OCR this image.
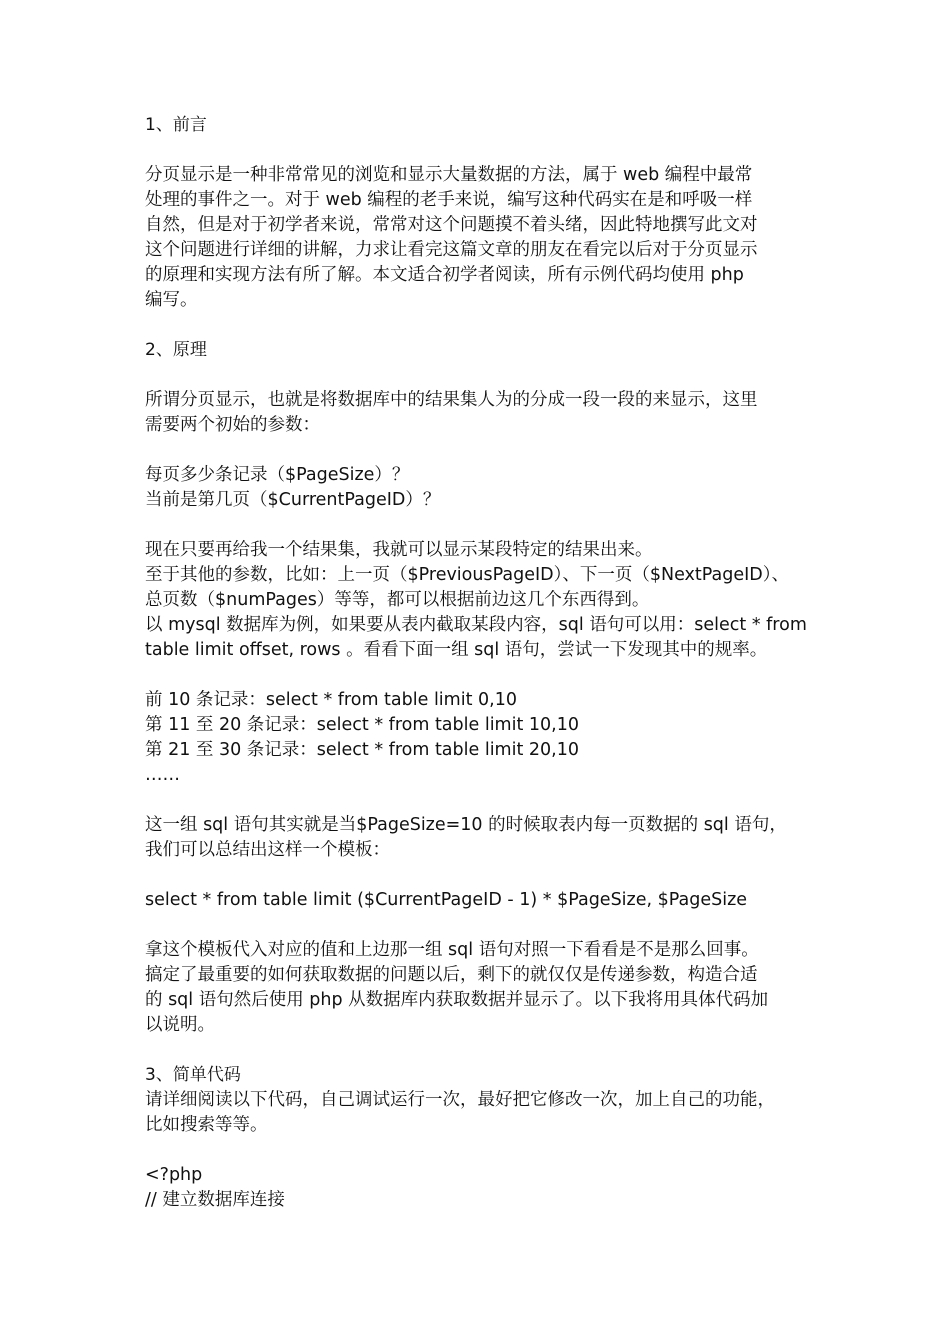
1、前言
分页显示是一种非常常见的浏览和显示大量数据的方法，属于 web 编程中最常
处理的事件之一。对于 web 编程的老手来说，编写这种代码实在是和呼吸一样
自然，但是对于初学者来说，常常对这个问题摸不着头绪，因此特地撰写此文对
这个问题进行详细的讲解，力求让看完这篇文章的朋友在看完以后对于分页显示
的原理和实现方法有所了解。本文适合初学者阅读，所有示例代码均使用 php
编写。
2、原理
所谓分页显示，也就是将数据库中的结果集人为的分成一段一段的来显示，这里
需要两个初始的参数：
每页多少条记录（$PageSize）？
当前是第几页（$CurrentPageID）？
现在只要再给我一个结果集，我就可以显示某段特定的结果出来。
至于其他的参数，比如：上一页（$PreviousPageID）、下一页（$NextPageID）、
总页数（$numPages）等等，都可以根据前边这几个东西得到。
以 mysql 数据库为例，如果要从表内截取某段内容，sql 语句可以用：select * from
table limit offset, rows 。看看下面一组 sql 语句，尝试一下发现其中的规率。
前 10 条记录：select * from table limit 0,10
第 11 至 20 条记录：select * from table limit 10,10
第 21 至 30 条记录：select * from table limit 20,10
……
这一组 sql 语句其实就是当$PageSize=10 的时候取表内每一页数据的 sql 语句，
我们可以总结出这样一个模板：
select * from table limit ($CurrentPageID - 1) * $PageSize, $PageSize
拿这个模板代入对应的值和上边那一组 sql 语句对照一下看看是不是那么回事。
搞定了最重要的如何获取数据的问题以后，剩下的就仅仅是传递参数，构造合适
的 sql 语句然后使用 php 从数据库内获取数据并显示了。以下我将用具体代码加
以说明。
3、简单代码
请详细阅读以下代码，自己调试运行一次，最好把它修改一次，加上自己的功能，
比如搜索等等。
<?php
// 建立数据库连接
